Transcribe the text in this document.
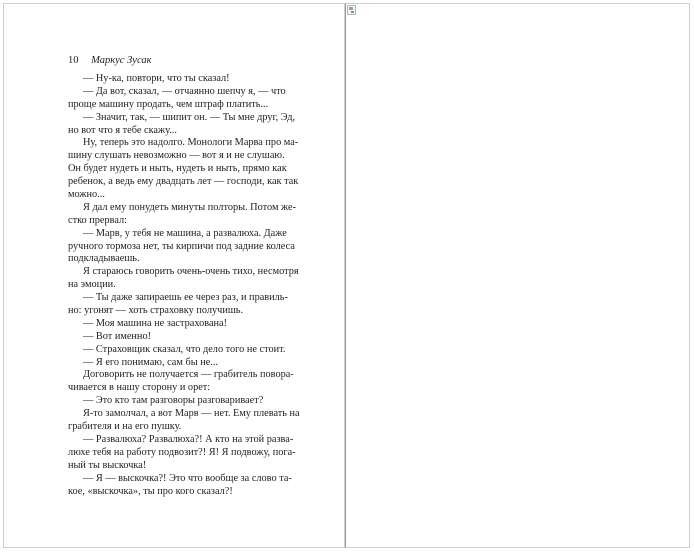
10 Маркус Зусак
— Ну-ка, повтори, что ты сказал!
— Да вот, сказал, — отчаянно шепчу я, — что
проще машину продать, чем штраф платить...
— Значит, так, — шипит он. — Ты мне друг, Эд,
но вот что я тебе скажу...
Ну, теперь это надолго. Монологи Марва про ма-
шину слушать невозможно — вот я и не слушаю.
Он будет нудеть и ныть, нудеть и ныть, прямо как
ребенок, а ведь ему двадцать лет — господи, как так
можно...
Я дал ему понудеть минуты полторы. Потом же-
стко прервал:
— Марв, у тебя не машина, а развалюха. Даже
ручного тормоза нет, ты кирпичи под задние колеса
подкладываешь.
Я стараюсь говорить очень-очень тихо, несмотря
на эмоции.
— Ты даже запираешь ее через раз, и правиль-
но: угонят — хоть страховку получишь.
— Моя машина не застрахована!
— Вот именно!
— Страховщик сказал, что дело того не стоит.
— Я его понимаю, сам бы не...
Договорить не получается — грабитель повора-
чивается в нашу сторону и орет:
— Это кто там разговоры разговаривает?
Я-то замолчал, а вот Марв — нет. Ему плевать на
грабителя и на его пушку.
— Развалюха? Развалюха?! А кто на этой разва-
люхе тебя на работу подвозит?! Я! Я подвожу, пога-
ный ты выскочка!
— Я — выскочка?! Это что вообще за слово та-
кое, «выскочка», ты про кого сказал?!
